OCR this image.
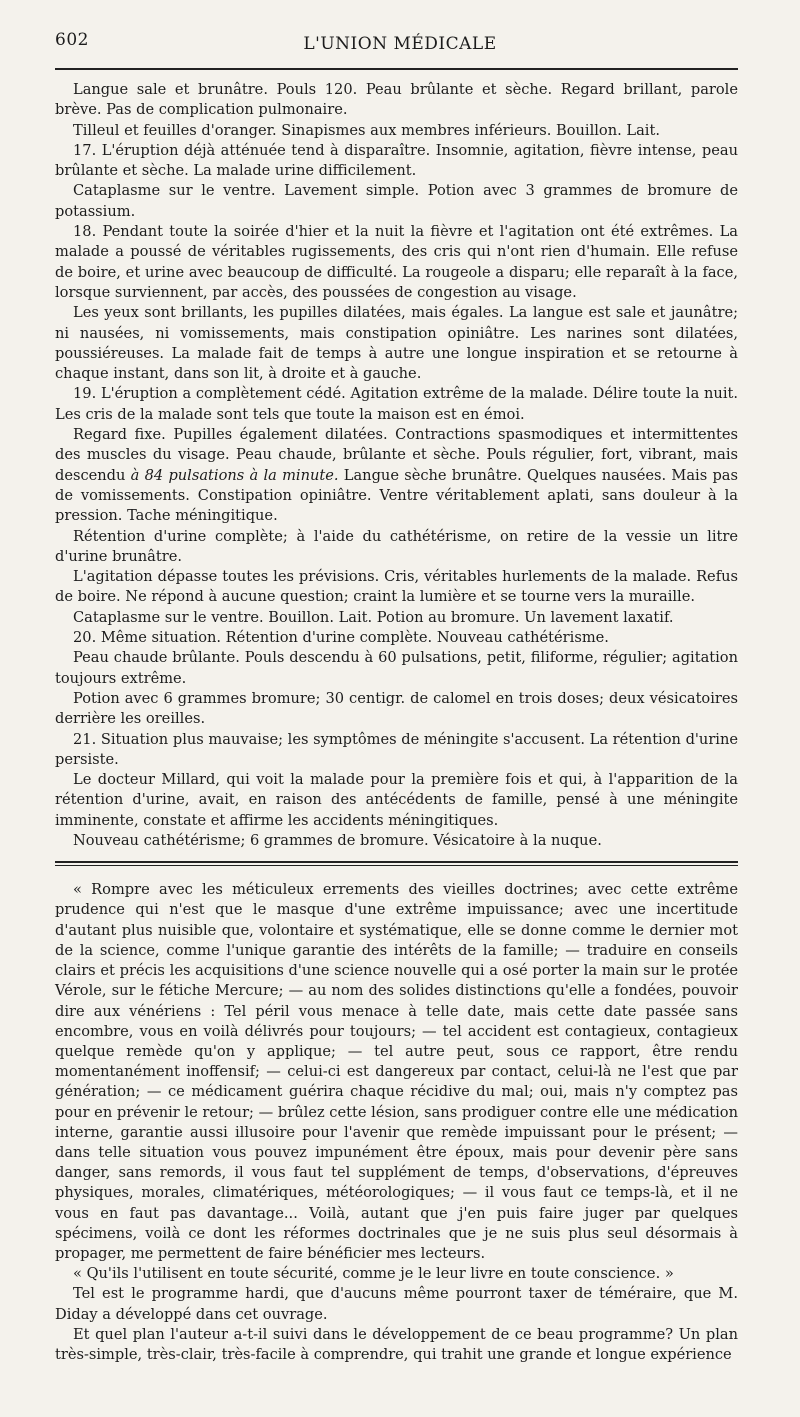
602	L'UNION MÉDICALE

Langue sale et brunâtre. Pouls 120. Peau brûlante et sèche. Regard brillant, parole brève. Pas de complication pulmonaire.

Tilleul et feuilles d'oranger. Sinapismes aux membres inférieurs. Bouillon. Lait.

17. L'éruption déjà atténuée tend à disparaître. Insomnie, agitation, fièvre intense, peau brûlante et sèche. La malade urine difficilement.

Cataplasme sur le ventre. Lavement simple. Potion avec 3 grammes de bromure de potassium.

18. Pendant toute la soirée d'hier et la nuit la fièvre et l'agitation ont été extrêmes. La malade a poussé de véritables rugissements, des cris qui n'ont rien d'humain. Elle refuse de boire, et urine avec beaucoup de difficulté. La rougeole a disparu; elle reparaît à la face, lorsque surviennent, par accès, des poussées de congestion au visage.

Les yeux sont brillants, les pupilles dilatées, mais égales. La langue est sale et jaunâtre; ni nausées, ni vomissements, mais constipation opiniâtre. Les narines sont dilatées, poussiéreuses. La malade fait de temps à autre une longue inspiration et se retourne à chaque instant, dans son lit, à droite et à gauche.

19. L'éruption a complètement cédé. Agitation extrême de la malade. Délire toute la nuit. Les cris de la malade sont tels que toute la maison est en émoi.

Regard fixe. Pupilles également dilatées. Contractions spasmodiques et intermittentes des muscles du visage. Peau chaude, brûlante et sèche. Pouls régulier, fort, vibrant, mais descendu à 84 pulsations à la minute. Langue sèche brunâtre. Quelques nausées. Mais pas de vomissements. Constipation opiniâtre. Ventre véritablement aplati, sans douleur à la pression. Tache méningitique.

Rétention d'urine complète; à l'aide du cathétérisme, on retire de la vessie un litre d'urine brunâtre.

L'agitation dépasse toutes les prévisions. Cris, véritables hurlements de la malade. Refus de boire. Ne répond à aucune question; craint la lumière et se tourne vers la muraille.

Cataplasme sur le ventre. Bouillon. Lait. Potion au bromure. Un lavement laxatif.

20. Même situation. Rétention d'urine complète. Nouveau cathétérisme.

Peau chaude brûlante. Pouls descendu à 60 pulsations, petit, filiforme, régulier; agitation toujours extrême.

Potion avec 6 grammes bromure; 30 centigr. de calomel en trois doses; deux vésicatoires derrière les oreilles.

21. Situation plus mauvaise; les symptômes de méningite s'accusent. La rétention d'urine persiste.

Le docteur Millard, qui voit la malade pour la première fois et qui, à l'apparition de la rétention d'urine, avait, en raison des antécédents de famille, pensé à une méningite imminente, constate et affirme les accidents méningitiques.

Nouveau cathétérisme; 6 grammes de bromure. Vésicatoire à la nuque.

« Rompre avec les méticuleux errements des vieilles doctrines; avec cette extrême prudence qui n'est que le masque d'une extrême impuissance; avec une incertitude d'autant plus nuisible que, volontaire et systématique, elle se donne comme le dernier mot de la science, comme l'unique garantie des intérêts de la famille; — traduire en conseils clairs et précis les acquisitions d'une science nouvelle qui a osé porter la main sur le protée Vérole, sur le fétiche Mercure; — au nom des solides distinctions qu'elle a fondées, pouvoir dire aux vénériens : Tel péril vous menace à telle date, mais cette date passée sans encombre, vous en voilà délivrés pour toujours; — tel accident est contagieux, contagieux quelque remède qu'on y applique; — tel autre peut, sous ce rapport, être rendu momentanément inoffensif; — celui-ci est dangereux par contact, celui-là ne l'est que par génération; — ce médicament guérira chaque récidive du mal; oui, mais n'y comptez pas pour en prévenir le retour; — brûlez cette lésion, sans prodiguer contre elle une médication interne, garantie aussi illusoire pour l'avenir que remède impuissant pour le présent; — dans telle situation vous pouvez impunément être époux, mais pour devenir père sans danger, sans remords, il vous faut tel supplément de temps, d'observations, d'épreuves physiques, morales, climatériques, météorologiques; — il vous faut ce temps-là, et il ne vous en faut pas davantage... Voilà, autant que j'en puis faire juger par quelques spécimens, voilà ce dont les réformes doctrinales que je ne suis plus seul désormais à propager, me permettent de faire bénéficier mes lecteurs.

« Qu'ils l'utilisent en toute sécurité, comme je le leur livre en toute conscience. »

Tel est le programme hardi, que d'aucuns même pourront taxer de téméraire, que M. Diday a développé dans cet ouvrage.

Et quel plan l'auteur a-t-il suivi dans le développement de ce beau programme? Un plan très-simple, très-clair, très-facile à comprendre, qui trahit une grande et longue expérience
